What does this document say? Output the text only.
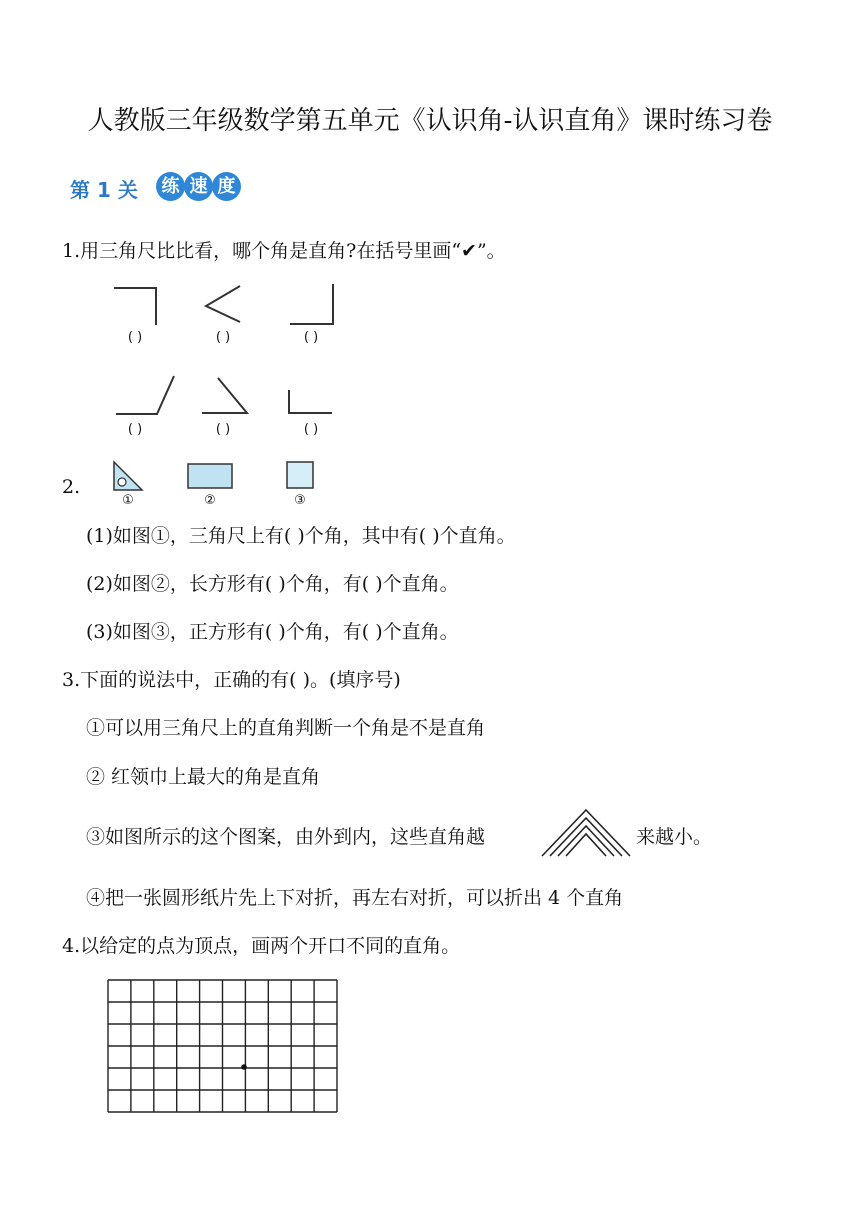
人教版三年级数学第五单元《认识角-认识直角》课时练习卷
第 1 关	练 速 度
1.用三角尺比比看，哪个角是直角?在括号里画“✔”。
( )	( )	( )
( )	( )	( )
2.
①	②	③
(1)如图①，三角尺上有( )个角，其中有( )个直角。
(2)如图②，长方形有( )个角，有( )个直角。
(3)如图③，正方形有( )个角，有( )个直角。
3.下面的说法中，正确的有( )。(填序号)
①可以用三角尺上的直角判断一个角是不是直角
② 红领巾上最大的角是直角
③如图所示的这个图案，由外到内，这些直角越	来越小。
④把一张圆形纸片先上下对折，再左右对折，可以折出 4 个直角
4.以给定的点为顶点，画两个开口不同的直角。
